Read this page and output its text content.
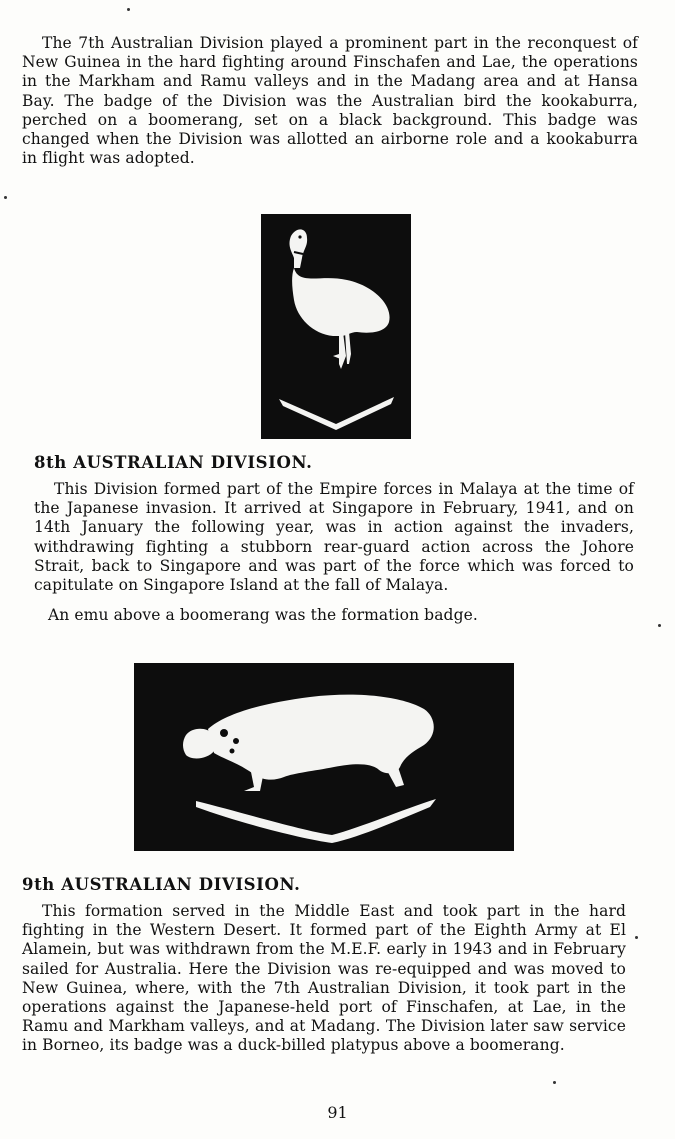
The 7th Australian Division played a prominent part in the reconquest of New Guinea in the hard fighting around Finschafen and Lae, the operations in the Markham and Ramu valleys and in the Madang area and at Hansa Bay. The badge of the Division was the Australian bird the kookaburra, perched on a boomerang, set on a black background. This badge was changed when the Division was allotted an airborne role and a kookaburra in flight was adopted.
8th AUSTRALIAN DIVISION.
This Division formed part of the Empire forces in Malaya at the time of the Japanese invasion. It arrived at Singapore in February, 1941, and on 14th January the following year, was in action against the invaders, withdrawing fighting a stubborn rear-guard action across the Johore Strait, back to Singapore and was part of the force which was forced to capitulate on Singapore Island at the fall of Malaya.
An emu above a boomerang was the formation badge.
9th AUSTRALIAN DIVISION.
This formation served in the Middle East and took part in the hard fighting in the Western Desert. It formed part of the Eighth Army at El Alamein, but was withdrawn from the M.E.F. early in 1943 and in February sailed for Australia. Here the Division was re-equipped and was moved to New Guinea, where, with the 7th Australian Division, it took part in the operations against the Japanese-held port of Finschafen, at Lae, in the Ramu and Markham valleys, and at Madang. The Division later saw service in Borneo, its badge was a duck-billed platypus above a boomerang.
91
